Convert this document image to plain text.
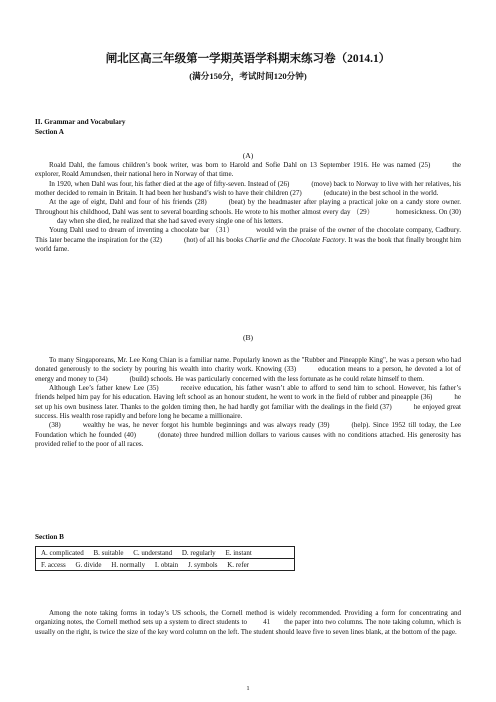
闸北区高三年级第一学期英语学科期末练习卷（2014.1）
(满分150分，考试时间120分钟)
II. Grammar and Vocabulary
Section A
(A)

Roald Dahl, the famous children’s book writer, was born to Harold and Sofie Dahl on 13 September 1916. He was named (25)	the explorer, Roald Amundsen, their national hero in Norway of that time.

In 1920, when Dahl was four, his father died at the age of fifty-seven. Instead of (26)	(move) back to Norway to live with her relatives, his mother decided to remain in Britain. It had been her husband’s wish to have their children (27)	(educate) in the best school in the world.

At the age of eight, Dahl and four of his friends (28)	(beat) by the headmaster after playing a practical joke on a candy store owner. Throughout his childhood, Dahl was sent to several boarding schools. He wrote to his mother almost every day （29）	homesickness. On (30)day when she died, he realized that she had saved every single one of his letters.

Young Dahl used to dream of inventing a chocolate bar （31）	would win the praise of the owner of the chocolate company, Cadbury. This later became the inspiration for the (32)	(hot) of all his books Charlie and the Chocolate Factory. It was the book that finally brought him world fame.

(B)

To many Singaporeans, Mr. Lee Kong Chian is a familiar name. Popularly known as the "Rubber and Pineapple King", he was a person who had donated generously to the society by pouring his wealth into charity work. Knowing (33)	education means to a person, he devoted a lot of energy and money to (34)	(build) schools. He was particularly concerned with the less fortunate as he could relate himself to them.

Although Lee’s father knew Lee (35)	receive education, his father wasn’t able to afford to send him to school. However, his father’s friends helped him pay for his education. Having left school as an honour student, he went to work in the field of rubber and pineapple (36)	he set up his own business later. Thanks to the golden timing then, he had hardly got familiar with the dealings in the field (37)	he enjoyed great success. His wealth rose rapidly and before long he became a millionaire.

(38)	wealthy he was, he never forgot his humble beginnings and was always ready (39)	(help). Since 1952 till today, the Lee Foundation which he founded (40)	(donate) three hundred million dollars to various causes with no conditions attached. His generosity has provided relief to the poor of all races.

Section B
A. complicated B. suitable C. understand D. regularly E. instant
F. access G. divide H. normally I. obtain J. symbols K. refer

Among the note taking forms in today’s US schools, the Cornell method is widely recommended. Providing a form for concentrating and organizing notes, the Cornell method sets up a system to direct students to 41 the paper into two columns. The note taking column, which is usually on the right, is twice the size of the key word column on the left. The student should leave five to seven lines blank, at the bottom of the page.

1
